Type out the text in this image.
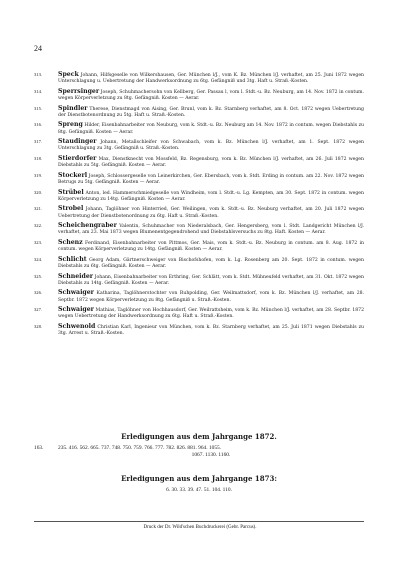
24
313.	Speck Johann, Hilfsgeselle von Wilkershausen, Ger. München l/J., vom K. Bz. München l/J. verhaftet, am 25. Juni 1872 wegen Unterschlagung u. Uebertretung der Handwerksordnung zu 6tg. Gefängniß und 3tg. Haft u. Straß.-Kosten.
314.	Sperrsinger Joseph, Schuhmachersohn von Kellberg, Ger. Passau l, vom l. Stdt.-u. Bz. Neuburg, am 14. Nov. 1872 in contum. wegen Körperverletzung zu 8tg. Gefängniß. Kosten — Aerar.
315.	Spindler Therese, Dienstmagd von Aising, Ger. Brunl, vom k. Bz. Starnberg verhaftet, am 8. Oct. 1872 wegen Uebertretung der Dienstbotenordnung zu 5tg. Haft u. Straß.-Kosten.
316.	Spreng Hilder, Eisenbahnarbeiter von Neuburg, vom k. Stdt.-u. Bz. Neuburg am 14. Nov. 1872 in contum. wegen Diebstahls zu 8tg. Gefängniß. Kosten — Aerar.
317.	Staudinger Johann, Metallschleifer von Schwabach, vom k. Bz. München l/J. verhaftet, am 1. Sept. 1872 wegen Unterschlagung zu 3tg. Gefängniß u. Straß.-Kosten.
318.	Stierdorfer Max, Dienstknecht von Mossfeld, Bz. Regensburg, vom k. Bz. München l/J. verhaftet, am 26. Juli 1872 wegen Diebstahls zu 5tg. Gefängniß. Kosten — Aerar.
319.	Stockerl Joseph, Schlossergeselle von Leinerkirchen, Ger. Ebersbach, vom k. Stdt. Erding in contum. am 22. Nov. 1872 wegen Betrugs zu 5tg. Gefängniß. Kosten — Aerar.
320.	Strübel Anton, led. Hammerschmiedgeselle von Windheim, vom l. Stdt.-u. Lg. Kempten, am 30. Sept. 1872 in contum. wegen Körperverletzung zu 14tg. Gefängniß. Kosten — Aerar.
321.	Strobel Johann, Taglöhner von Hinterried, Ger. Weilingen, vom k. Stdt.-u. Bz. Neuburg verhaftet, am 20. Juli 1872 wegen Uebertretung der Dienstbotenordnung zu 6tg. Haft u. Straß.-Kosten.
322.	Scheichengraber Valentin, Schuhmacher von Niederalsbach, Ger. Hengersberg, vom l. Stdt. Landgericht München l/J. verhaftet, am 23. Mai 1873 wegen Blumenentgegendrohend und Diebstahlsversuchs zu 8tg. Haft. Kosten — Aerar.
323.	Schenz Ferdinand, Eisenbahnarbeiter von Pittmos, Ger. Mais, vom k. Stdt.-u. Bz. Neuburg in contum. am 8. Aug. 1872 in contum. wegen Körperverletzung zu 14tg. Gefängniß. Kosten — Aerar.
324.	Schlicht Georg Adam, Gärtnerschweiger von Bischofshofen, vom k. Lg. Rosenberg am 20. Sept. 1872 in contum. wegen Diebstahls zu 6tg. Gefängniß. Kosten — Aerar.
325.	Schneider Johann, Eisenbahnarbeiter von Erthring, Ger. Schlätt, vom k. Stdt. Mühneufeld verhaftet, am 31. Okt. 1872 wegen Diebstahls zu 14tg. Gefängniß. Kosten — Aerar.
326.	Schwaiger Katharina, Taglöhnerstochter von Ruhpolding, Ger. Weilmattsdorf, vom k. Bz. München l/J. verhaftet, am 28. Septbr. 1872 wegen Körperverletzung zu 8tg. Gefängniß u. Straß.-Kosten.
327.	Schwaiger Mathias, Taglöhner von Hochhausdorf, Ger. Weilrattsheim, vom k. Bz. München l/J. verhaftet, am 28. Septbr. 1872 wegen Uebertretung der Handwerksordnung zu 6tg. Haft u. Straß.-Kosten.
328.	Schwenold Christian Karl, Ingenieur von München, vom k. Bz. Starnberg verhaftet, am 25. Juli 1871 wegen Diebstahls zu 3tg. Arrest u. Straß.-Kosten.
Erledigungen aus dem Jahrgange 1872.
163.	235. 416. 562. 665. 737. 748. 750. 759. 766. 777. 782. 826. 881. 964. 1055.
1067. 1130. 1160.
Erledigungen aus dem Jahrgange 1873:
6. 30. 33. 39. 47. 51. 104. 110.
Druck der Dr. Wild'schen Buchdruckerei (Gebr. Parcus).
